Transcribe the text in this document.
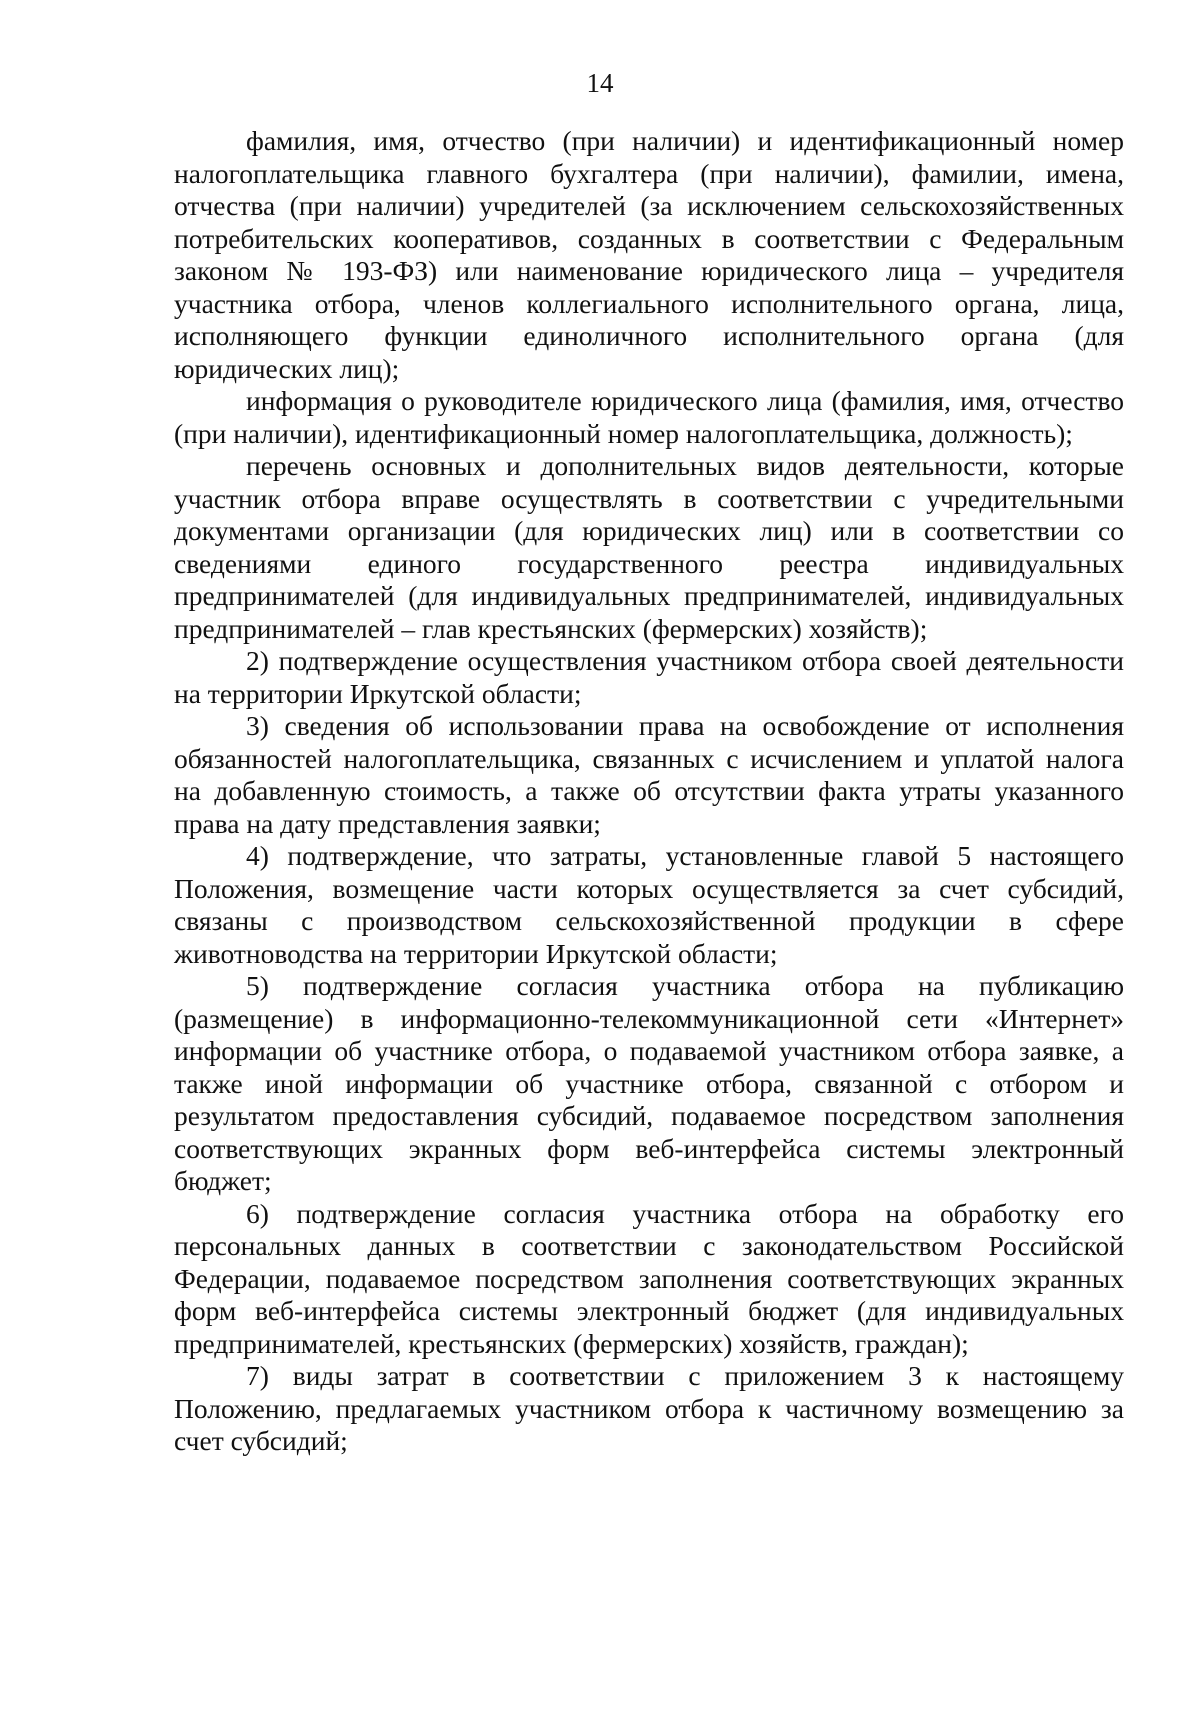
14

фамилия, имя, отчество (при наличии) и идентификационный номер налогоплательщика главного бухгалтера (при наличии), фамилии, имена, отчества (при наличии) учредителей (за исключением сельскохозяйственных потребительских кооперативов, созданных в соответствии с Федеральным законом № 193-ФЗ) или наименование юридического лица – учредителя участника отбора, членов коллегиального исполнительного органа, лица, исполняющего функции единоличного исполнительного органа (для юридических лиц);

информация о руководителе юридического лица (фамилия, имя, отчество (при наличии), идентификационный номер налогоплательщика, должность);

перечень основных и дополнительных видов деятельности, которые участник отбора вправе осуществлять в соответствии с учредительными документами организации (для юридических лиц) или в соответствии со сведениями единого государственного реестра индивидуальных предпринимателей (для индивидуальных предпринимателей, индивидуальных предпринимателей – глав крестьянских (фермерских) хозяйств);

2) подтверждение осуществления участником отбора своей деятельности на территории Иркутской области;

3) сведения об использовании права на освобождение от исполнения обязанностей налогоплательщика, связанных с исчислением и уплатой налога на добавленную стоимость, а также об отсутствии факта утраты указанного права на дату представления заявки;

4) подтверждение, что затраты, установленные главой 5 настоящего Положения, возмещение части которых осуществляется за счет субсидий, связаны с производством сельскохозяйственной продукции в сфере животноводства на территории Иркутской области;

5) подтверждение согласия участника отбора на публикацию (размещение) в информационно-телекоммуникационной сети «Интернет» информации об участнике отбора, о подаваемой участником отбора заявке, а также иной информации об участнике отбора, связанной с отбором и результатом предоставления субсидий, подаваемое посредством заполнения соответствующих экранных форм веб-интерфейса системы электронный бюджет;

6) подтверждение согласия участника отбора на обработку его персональных данных в соответствии с законодательством Российской Федерации, подаваемое посредством заполнения соответствующих экранных форм веб-интерфейса системы электронный бюджет (для индивидуальных предпринимателей, крестьянских (фермерских) хозяйств, граждан);

7) виды затрат в соответствии с приложением 3 к настоящему Положению, предлагаемых участником отбора к частичному возмещению за счет субсидий;
